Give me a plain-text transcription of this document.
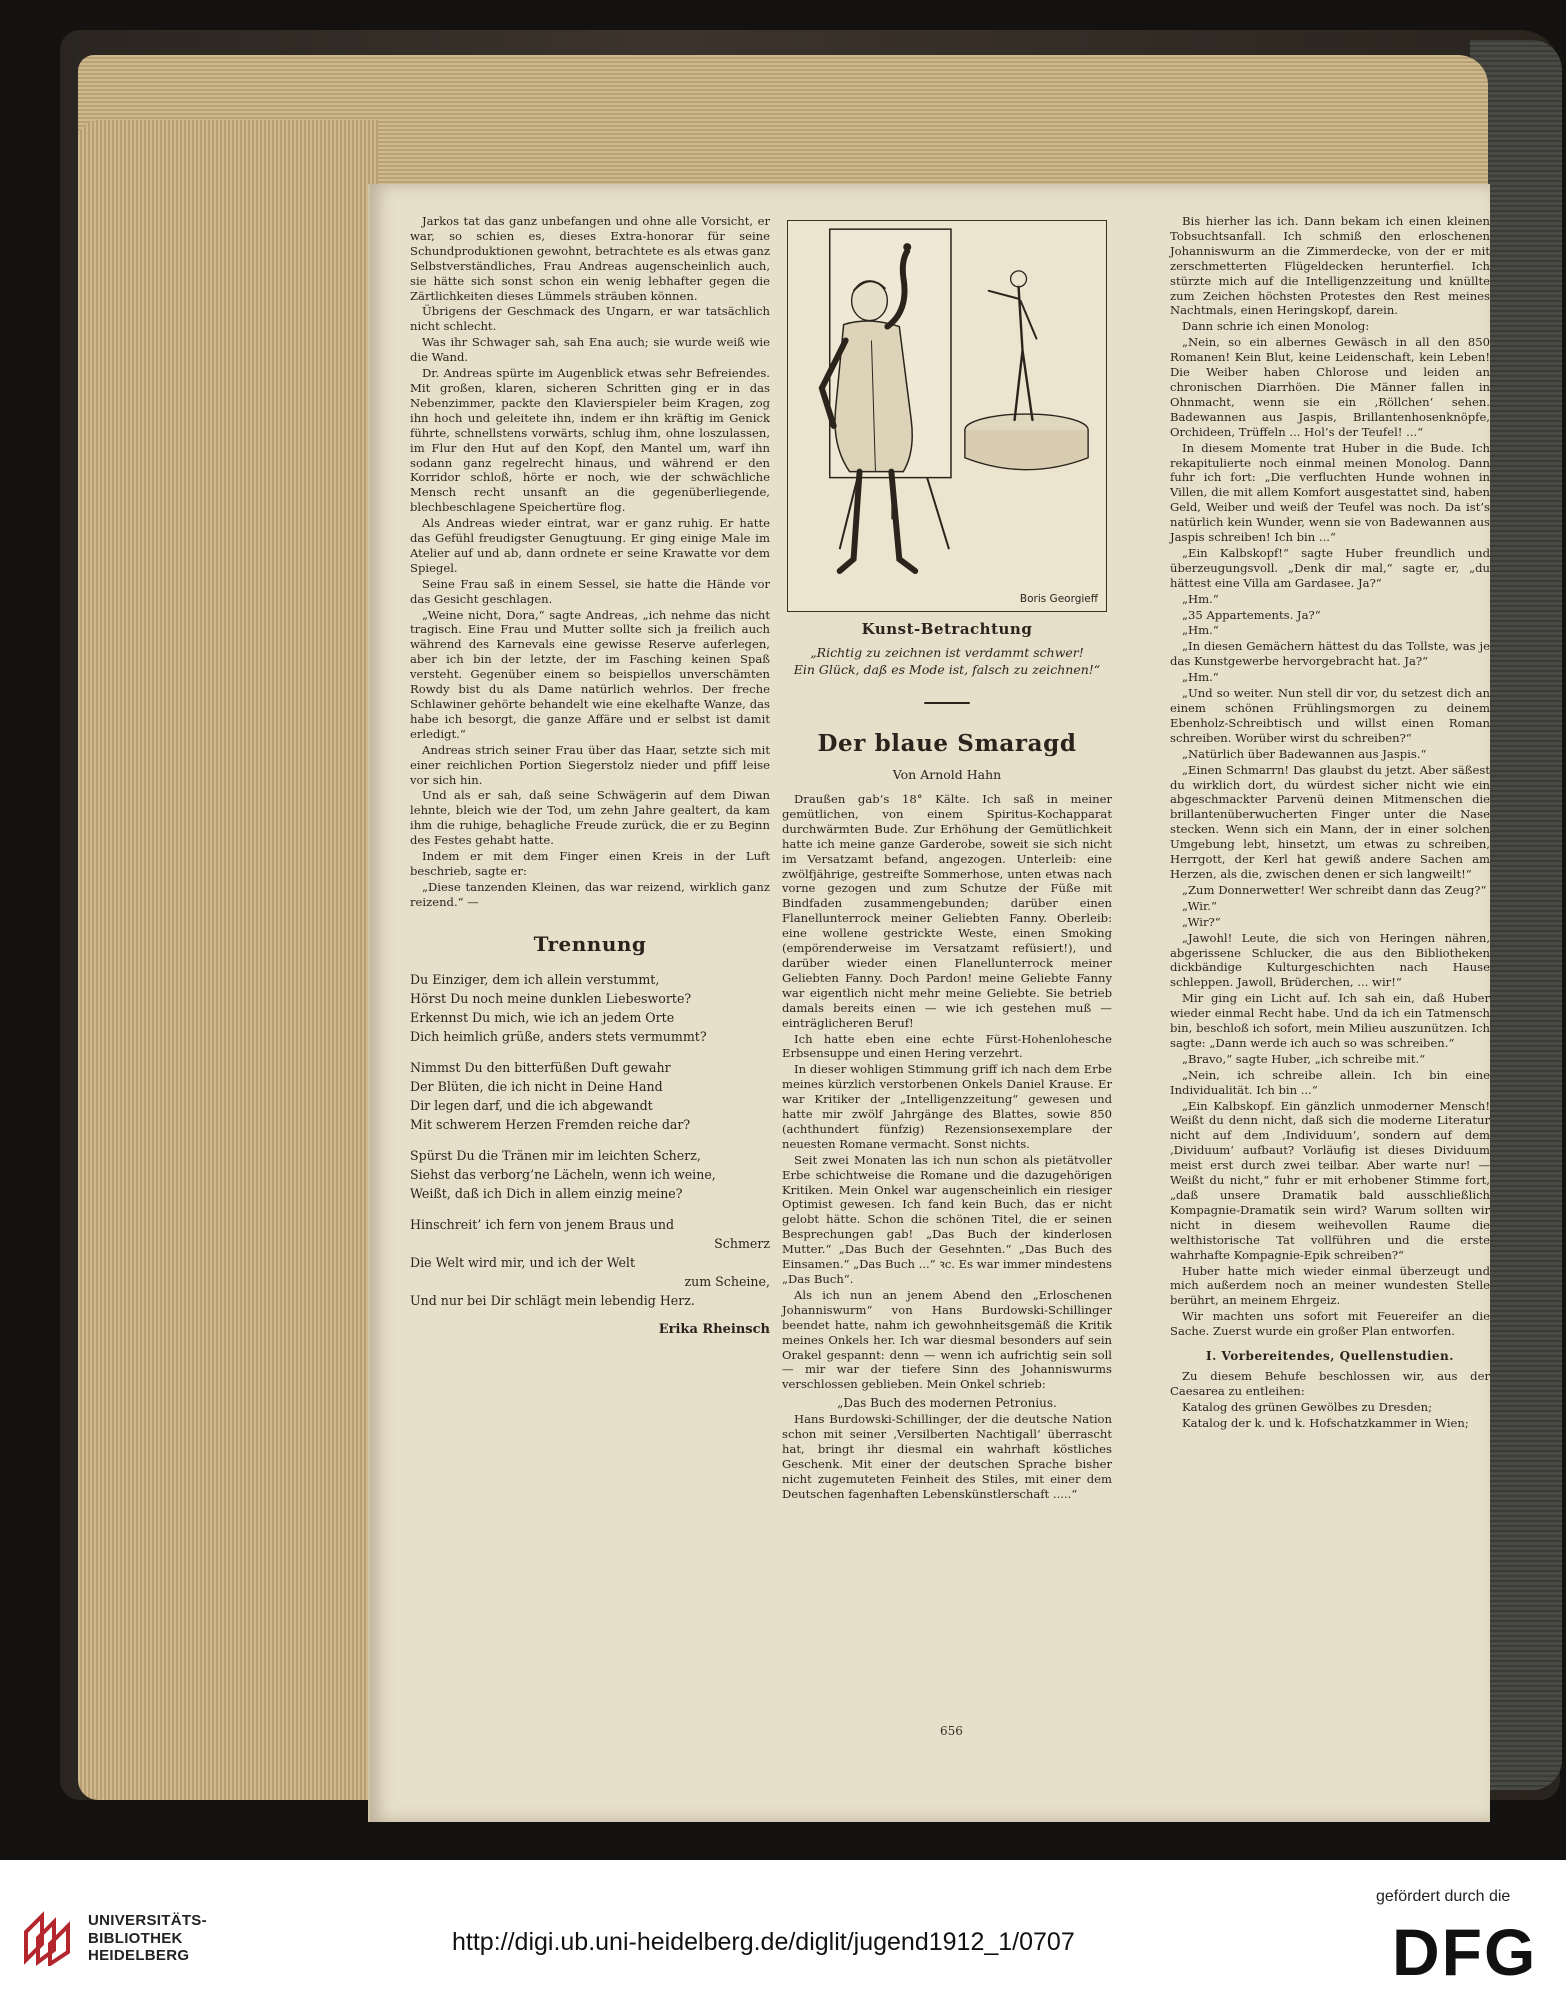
Jarkos tat das ganz unbefangen und ohne alle Vorsicht, er war, so schien es, dieses Extra-honorar für seine Schundproduktionen gewohnt, betrachtete es als etwas ganz Selbstverständliches, Frau Andreas augenscheinlich auch, sie hätte sich sonst schon ein wenig lebhafter gegen die Zärtlichkeiten dieses Lümmels sträuben können.

Übrigens der Geschmack des Ungarn, er war tatsächlich nicht schlecht.

Was ihr Schwager sah, sah Ena auch; sie wurde weiß wie die Wand.

Dr. Andreas spürte im Augenblick etwas sehr Befreiendes. Mit großen, klaren, sicheren Schritten ging er in das Nebenzimmer, packte den Klavierspieler beim Kragen, zog ihn hoch und geleitete ihn, indem er ihn kräftig im Genick führte, schnellstens vorwärts, schlug ihm, ohne loszulassen, im Flur den Hut auf den Kopf, den Mantel um, warf ihn sodann ganz regelrecht hinaus, und während er den Korridor schloß, hörte er noch, wie der schwächliche Mensch recht unsanft an die gegenüberliegende, blechbeschlagene Speichertüre flog.

Als Andreas wieder eintrat, war er ganz ruhig. Er hatte das Gefühl freudigster Genugtuung. Er ging einige Male im Atelier auf und ab, dann ordnete er seine Krawatte vor dem Spiegel.

Seine Frau saß in einem Sessel, sie hatte die Hände vor das Gesicht geschlagen.

„Weine nicht, Dora,“ sagte Andreas, „ich nehme das nicht tragisch. Eine Frau und Mutter sollte sich ja freilich auch während des Karnevals eine gewisse Reserve auferlegen, aber ich bin der letzte, der im Fasching keinen Spaß versteht. Gegenüber einem so beispiellos unverschämten Rowdy bist du als Dame natürlich wehrlos. Der freche Schlawiner gehörte behandelt wie eine ekelhafte Wanze, das habe ich besorgt, die ganze Affäre und er selbst ist damit erledigt.“

Andreas strich seiner Frau über das Haar, setzte sich mit einer reichlichen Portion Siegerstolz nieder und pfiff leise vor sich hin.

Und als er sah, daß seine Schwägerin auf dem Diwan lehnte, bleich wie der Tod, um zehn Jahre gealtert, da kam ihm die ruhige, behagliche Freude zurück, die er zu Beginn des Festes gehabt hatte.

Indem er mit dem Finger einen Kreis in der Luft beschrieb, sagte er:

„Diese tanzenden Kleinen, das war reizend, wirklich ganz reizend.“ —

Trennung
Du Einziger, dem ich allein verstummt,
Hörst Du noch meine dunklen Liebesworte?
Erkennst Du mich, wie ich an jedem Orte
Dich heimlich grüße, anders stets vermummt?
Nimmst Du den bitterfüßen Duft gewahr
Der Blüten, die ich nicht in Deine Hand
Dir legen darf, und die ich abgewandt
Mit schwerem Herzen Fremden reiche dar?
Spürst Du die Tränen mir im leichten Scherz,
Siehst das verborg’ne Lächeln, wenn ich weine,
Weißt, daß ich Dich in allem einzig meine?
Hinschreit’ ich fern von jenem Braus und
Schmerz
Die Welt wird mir, und ich der Welt
zum Scheine,
Und nur bei Dir schlägt mein lebendig Herz.
Erika Rheinsch
Boris Georgieff
Kunst-Betrachtung
„Richtig zu zeichnen ist verdammt schwer!
Ein Glück, daß es Mode ist, falsch zu zeichnen!“
Der blaue Smaragd
Von Arnold Hahn

Draußen gab’s 18° Kälte. Ich saß in meiner gemütlichen, von einem Spiritus-Kochapparat durchwärmten Bude. Zur Erhöhung der Gemütlichkeit hatte ich meine ganze Garderobe, soweit sie sich nicht im Versatzamt befand, angezogen. Unterleib: eine zwölfjährige, gestreifte Sommerhose, unten etwas nach vorne gezogen und zum Schutze der Füße mit Bindfaden zusammengebunden; darüber einen Flanellunterrock meiner Geliebten Fanny. Oberleib: eine wollene gestrickte Weste, einen Smoking (empörenderweise im Versatzamt refüsiert!), und darüber wieder einen Flanellunterrock meiner Geliebten Fanny. Doch Pardon! meine Geliebte Fanny war eigentlich nicht mehr meine Geliebte. Sie betrieb damals bereits einen — wie ich gestehen muß — einträglicheren Beruf!

Ich hatte eben eine echte Fürst-Hohenlohesche Erbsensuppe und einen Hering verzehrt.

In dieser wohligen Stimmung griff ich nach dem Erbe meines kürzlich verstorbenen Onkels Daniel Krause. Er war Kritiker der „Intelligenzzeitung“ gewesen und hatte mir zwölf Jahrgänge des Blattes, sowie 850 (achthundert fünfzig) Rezensionsexemplare der neuesten Romane vermacht. Sonst nichts.

Seit zwei Monaten las ich nun schon als pietätvoller Erbe schichtweise die Romane und die dazugehörigen Kritiken. Mein Onkel war augenscheinlich ein riesiger Optimist gewesen. Ich fand kein Buch, das er nicht gelobt hätte. Schon die schönen Titel, die er seinen Besprechungen gab! „Das Buch der kinderlosen Mutter.“ „Das Buch der Gesehnten.“ „Das Buch des Einsamen.“ „Das Buch ...“ ꝛc. Es war immer mindestens „Das Buch“.

Als ich nun an jenem Abend den „Erloschenen Johanniswurm“ von Hans Burdowski-Schillinger beendet hatte, nahm ich gewohnheitsgemäß die Kritik meines Onkels her. Ich war diesmal besonders auf sein Orakel gespannt: denn — wenn ich aufrichtig sein soll — mir war der tiefere Sinn des Johanniswurms verschlossen geblieben. Mein Onkel schrieb:

„Das Buch des modernen Petronius.

Hans Burdowski-Schillinger, der die deutsche Nation schon mit seiner ‚Versilberten Nachtigall‘ überrascht hat, bringt ihr diesmal ein wahrhaft köstliches Geschenk. Mit einer der deutschen Sprache bisher nicht zugemuteten Feinheit des Stiles, mit einer dem Deutschen fagenhaften Lebenskünstlerschaft .....“

Bis hierher las ich. Dann bekam ich einen kleinen Tobsuchtsanfall. Ich schmiß den erloschenen Johanniswurm an die Zimmerdecke, von der er mit zerschmetterten Flügeldecken herunterfiel. Ich stürzte mich auf die Intelligenzzeitung und knüllte zum Zeichen höchsten Protestes den Rest meines Nachtmals, einen Heringskopf, darein.

Dann schrie ich einen Monolog:

„Nein, so ein albernes Gewäsch in all den 850 Romanen! Kein Blut, keine Leidenschaft, kein Leben! Die Weiber haben Chlorose und leiden an chronischen Diarrhöen. Die Männer fallen in Ohnmacht, wenn sie ein ‚Röllchen‘ sehen. Badewannen aus Jaspis, Brillantenhosenknöpfe, Orchideen, Trüffeln ... Hol’s der Teufel! ...“

In diesem Momente trat Huber in die Bude. Ich rekapitulierte noch einmal meinen Monolog. Dann fuhr ich fort: „Die verfluchten Hunde wohnen in Villen, die mit allem Komfort ausgestattet sind, haben Geld, Weiber und weiß der Teufel was noch. Da ist’s natürlich kein Wunder, wenn sie von Badewannen aus Jaspis schreiben! Ich bin ...“

„Ein Kalbskopf!“ sagte Huber freundlich und überzeugungsvoll. „Denk dir mal,“ sagte er, „du hättest eine Villa am Gardasee. Ja?“

„Hm.“

„35 Appartements. Ja?“

„Hm.“

„In diesen Gemächern hättest du das Tollste, was je das Kunstgewerbe hervorgebracht hat. Ja?“

„Hm.“

„Und so weiter. Nun stell dir vor, du setzest dich an einem schönen Frühlingsmorgen zu deinem Ebenholz-Schreibtisch und willst einen Roman schreiben. Worüber wirst du schreiben?“

„Natürlich über Badewannen aus Jaspis.“

„Einen Schmarrn! Das glaubst du jetzt. Aber säßest du wirklich dort, du würdest sicher nicht wie ein abgeschmackter Parvenü deinen Mitmenschen die brillantenüberwucherten Finger unter die Nase stecken. Wenn sich ein Mann, der in einer solchen Umgebung lebt, hinsetzt, um etwas zu schreiben, Herrgott, der Kerl hat gewiß andere Sachen am Herzen, als die, zwischen denen er sich langweilt!“

„Zum Donnerwetter! Wer schreibt dann das Zeug?“

„Wir.“

„Wir?“

„Jawohl! Leute, die sich von Heringen nähren, abgerissene Schlucker, die aus den Bibliotheken dickbändige Kulturgeschichten nach Hause schleppen. Jawoll, Brüderchen, ... wir!“

Mir ging ein Licht auf. Ich sah ein, daß Huber wieder einmal Recht habe. Und da ich ein Tatmensch bin, beschloß ich sofort, mein Milieu auszunützen. Ich sagte: „Dann werde ich auch so was schreiben.“

„Bravo,“ sagte Huber, „ich schreibe mit.“

„Nein, ich schreibe allein. Ich bin eine Individualität. Ich bin ...“

„Ein Kalbskopf. Ein gänzlich unmoderner Mensch! Weißt du denn nicht, daß sich die moderne Literatur nicht auf dem ‚Individuum‘, sondern auf dem ‚Dividuum‘ aufbaut? Vorläufig ist dieses Dividuum meist erst durch zwei teilbar. Aber warte nur! — Weißt du nicht,“ fuhr er mit erhobener Stimme fort, „daß unsere Dramatik bald ausschließlich Kompagnie-Dramatik sein wird? Warum sollten wir nicht in diesem weihevollen Raume die welthistorische Tat vollführen und die erste wahrhafte Kompagnie-Epik schreiben?“

Huber hatte mich wieder einmal überzeugt und mich außerdem noch an meiner wundesten Stelle berührt, an meinem Ehrgeiz.

Wir machten uns sofort mit Feuereifer an die Sache. Zuerst wurde ein großer Plan entworfen.

I. Vorbereitendes, Quellenstudien.

Zu diesem Behufe beschlossen wir, aus der Caesarea zu entleihen:

Katalog des grünen Gewölbes zu Dresden;

Katalog der k. und k. Hofschatzkammer in Wien;

656
UNIVERSITÄTS-
BIBLIOTHEK
HEIDELBERG	http://digi.ub.uni-heidelberg.de/diglit/jugend1912_1/0707
gefördert durch die
DFG
